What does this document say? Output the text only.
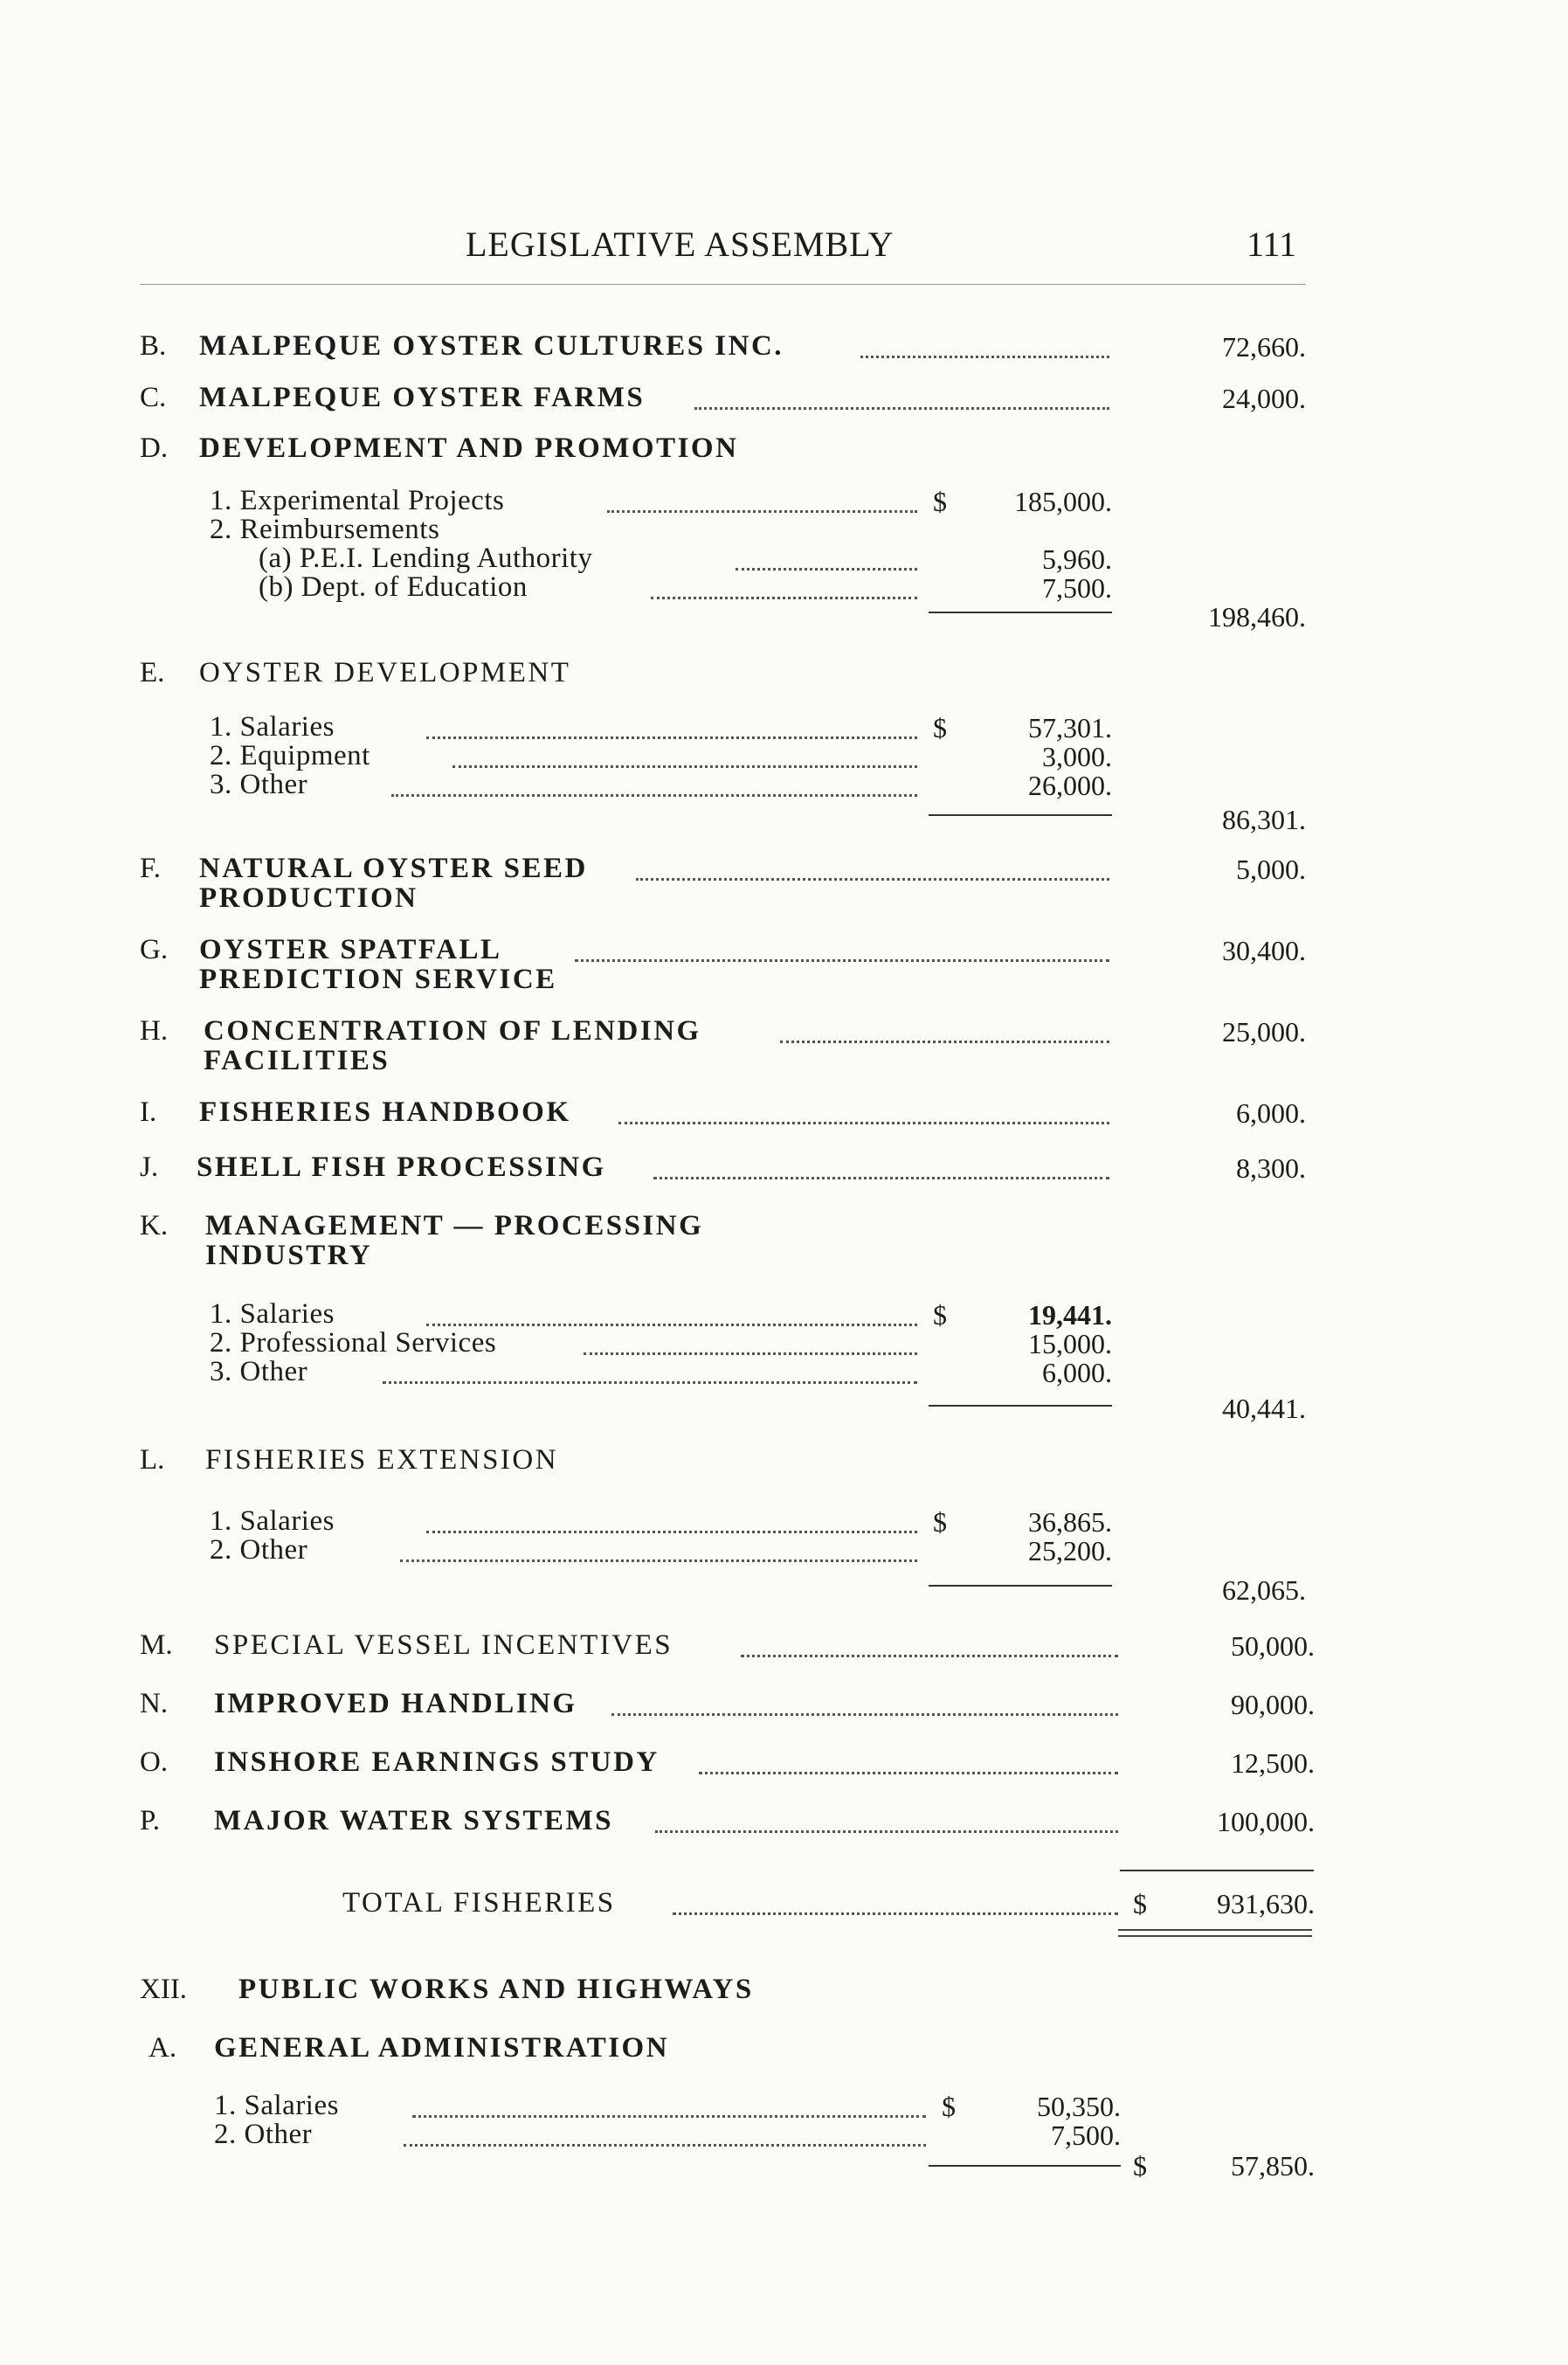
LEGISLATIVE ASSEMBLY	111
B. MALPEQUE OYSTER CULTURES INC.	72,660.
C. MALPEQUE OYSTER FARMS	24,000.
D. DEVELOPMENT AND PROMOTION
1. Experimental Projects	$ 185,000.
2. Reimbursements
(a) P.E.I. Lending Authority	5,960.
(b) Dept. of Education	7,500.
198,460.
E. OYSTER DEVELOPMENT
1. Salaries	$	57,301.
2. Equipment	3,000.
3. Other	26,000.
86,301.
F. NATURAL OYSTER SEED
PRODUCTION
5,000.
G. OYSTER SPATFALL
PREDICTION SERVICE
30,400.
H. CONCENTRATION OF LENDING
FACILITIES
25,000.
I. FISHERIES HANDBOOK	6,000.
J. SHELL FISH PROCESSING	8,300.
K. MANAGEMENT — PROCESSING
INDUSTRY
1. Salaries	$	19,441.
2. Professional Services	15,000.
3. Other	6,000.
40,441.
L. FISHERIES EXTENSION
1. Salaries	$	36,865.
2. Other	25,200.
62,065.
M. SPECIAL VESSEL INCENTIVES	50,000.
N. IMPROVED HANDLING	90,000.
O. INSHORE EARNINGS STUDY	12,500.
P. MAJOR WATER SYSTEMS	100,000.
TOTAL FISHERIES	$	931,630.
XII. PUBLIC WORKS AND HIGHWAYS
A. GENERAL ADMINISTRATION
1. Salaries	$	50,350.
2. Other	7,500.
$	57,850.
